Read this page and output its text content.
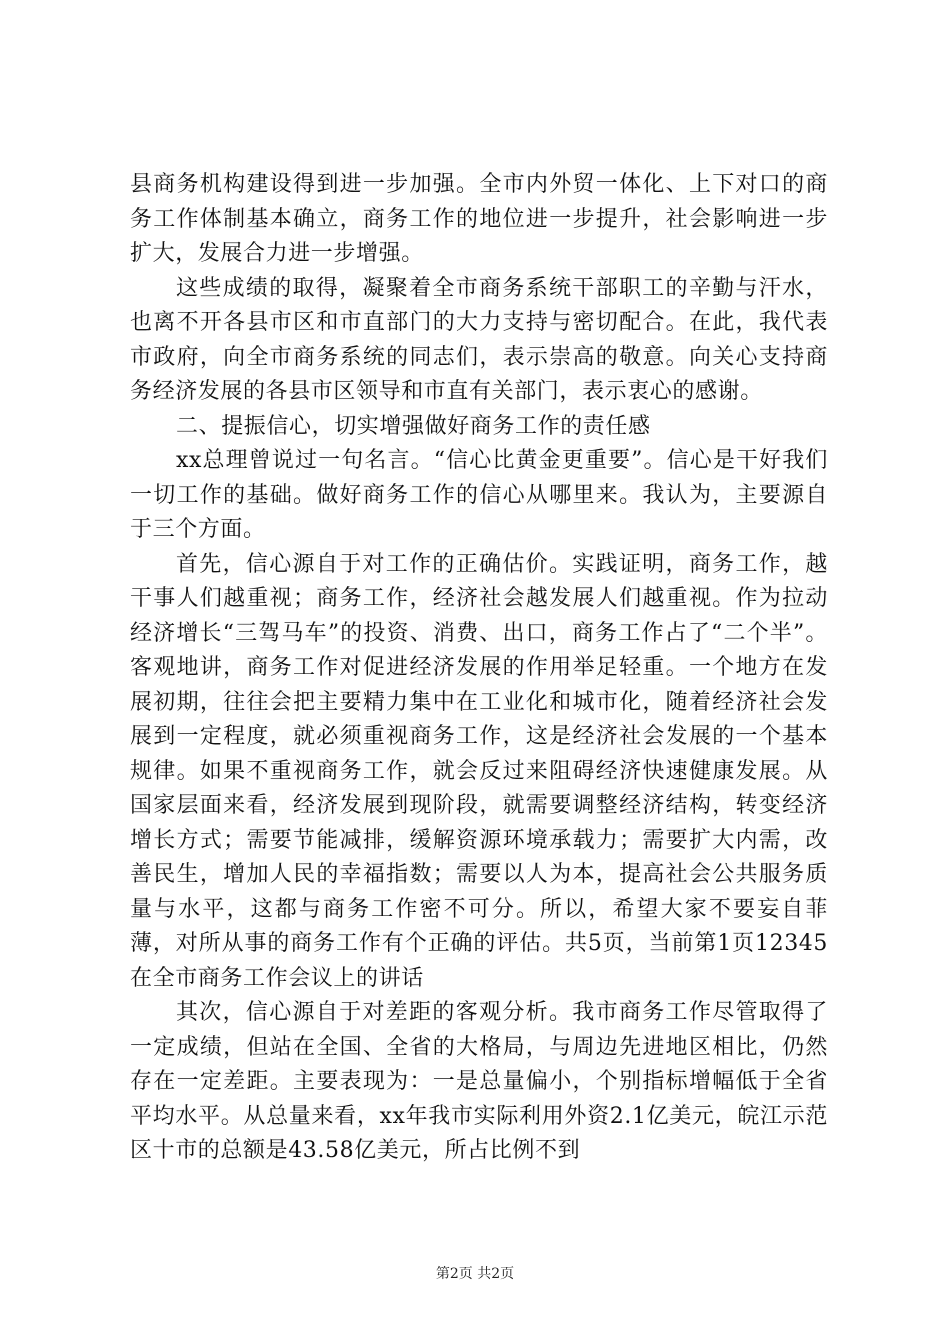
县商务机构建设得到进一步加强。全市内外贸一体化、上下对口的商务工作体制基本确立，商务工作的地位进一步提升，社会影响进一步扩大，发展合力进一步增强。

这些成绩的取得，凝聚着全市商务系统干部职工的辛勤与汗水，也离不开各县市区和市直部门的大力支持与密切配合。在此，我代表市政府，向全市商务系统的同志们，表示崇高的敬意。向关心支持商务经济发展的各县市区领导和市直有关部门，表示衷心的感谢。

二、提振信心，切实增强做好商务工作的责任感

xx总理曾说过一句名言。“信心比黄金更重要”。信心是干好我们一切工作的基础。做好商务工作的信心从哪里来。我认为，主要源自于三个方面。

首先，信心源自于对工作的正确估价。实践证明，商务工作，越干事人们越重视；商务工作，经济社会越发展人们越重视。作为拉动经济增长“三驾马车”的投资、消费、出口，商务工作占了“二个半”。客观地讲，商务工作对促进经济发展的作用举足轻重。一个地方在发展初期，往往会把主要精力集中在工业化和城市化，随着经济社会发展到一定程度，就必须重视商务工作，这是经济社会发展的一个基本规律。如果不重视商务工作，就会反过来阻碍经济快速健康发展。从国家层面来看，经济发展到现阶段，就需要调整经济结构，转变经济增长方式；需要节能减排，缓解资源环境承载力；需要扩大内需，改善民生，增加人民的幸福指数；需要以人为本，提高社会公共服务质量与水平，这都与商务工作密不可分。所以，希望大家不要妄自菲薄，对所从事的商务工作有个正确的评估。共5页，当前第1页12345在全市商务工作会议上的讲话

其次，信心源自于对差距的客观分析。我市商务工作尽管取得了一定成绩，但站在全国、全省的大格局，与周边先进地区相比，仍然存在一定差距。主要表现为：一是总量偏小，个别指标增幅低于全省平均水平。从总量来看，xx年我市实际利用外资2.1亿美元，皖江示范区十市的总额是43.58亿美元，所占比例不到

第2页 共2页
